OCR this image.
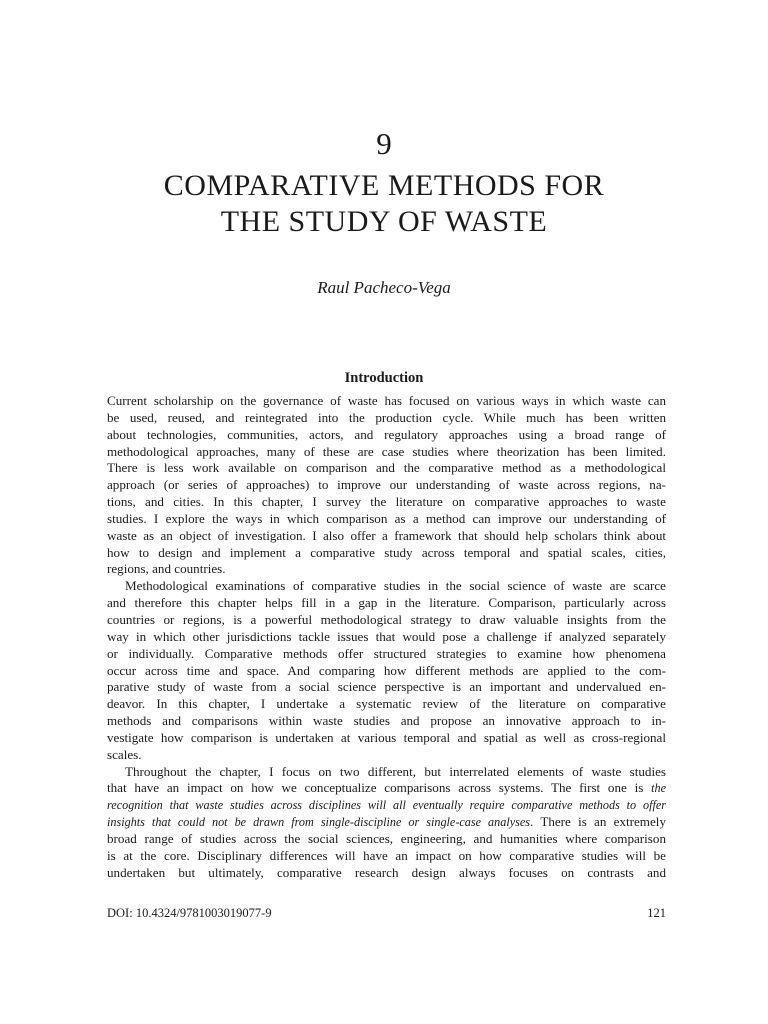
9
COMPARATIVE METHODS FOR
THE STUDY OF WASTE
Raul Pacheco-Vega
Introduction
Current scholarship on the governance of waste has focused on various ways in which waste can
be used, reused, and reintegrated into the production cycle. While much has been written
about technologies, communities, actors, and regulatory approaches using a broad range of
methodological approaches, many of these are case studies where theorization has been limited.
There is less work available on comparison and the comparative method as a methodological
approach (or series of approaches) to improve our understanding of waste across regions, na-
tions, and cities. In this chapter, I survey the literature on comparative approaches to waste
studies. I explore the ways in which comparison as a method can improve our understanding of
waste as an object of investigation. I also offer a framework that should help scholars think about
how to design and implement a comparative study across temporal and spatial scales, cities,
regions, and countries.
Methodological examinations of comparative studies in the social science of waste are scarce
and therefore this chapter helps fill in a gap in the literature. Comparison, particularly across
countries or regions, is a powerful methodological strategy to draw valuable insights from the
way in which other jurisdictions tackle issues that would pose a challenge if analyzed separately
or individually. Comparative methods offer structured strategies to examine how phenomena
occur across time and space. And comparing how different methods are applied to the com-
parative study of waste from a social science perspective is an important and undervalued en-
deavor. In this chapter, I undertake a systematic review of the literature on comparative
methods and comparisons within waste studies and propose an innovative approach to in-
vestigate how comparison is undertaken at various temporal and spatial as well as cross-regional
scales.
Throughout the chapter, I focus on two different, but interrelated elements of waste studies
that have an impact on how we conceptualize comparisons across systems. The first one is the
recognition that waste studies across disciplines will all eventually require comparative methods to offer
insights that could not be drawn from single-discipline or single-case analyses. There is an extremely
broad range of studies across the social sciences, engineering, and humanities where comparison
is at the core. Disciplinary differences will have an impact on how comparative studies will be
undertaken but ultimately, comparative research design always focuses on contrasts and
DOI: 10.4324/9781003019077-9	121
